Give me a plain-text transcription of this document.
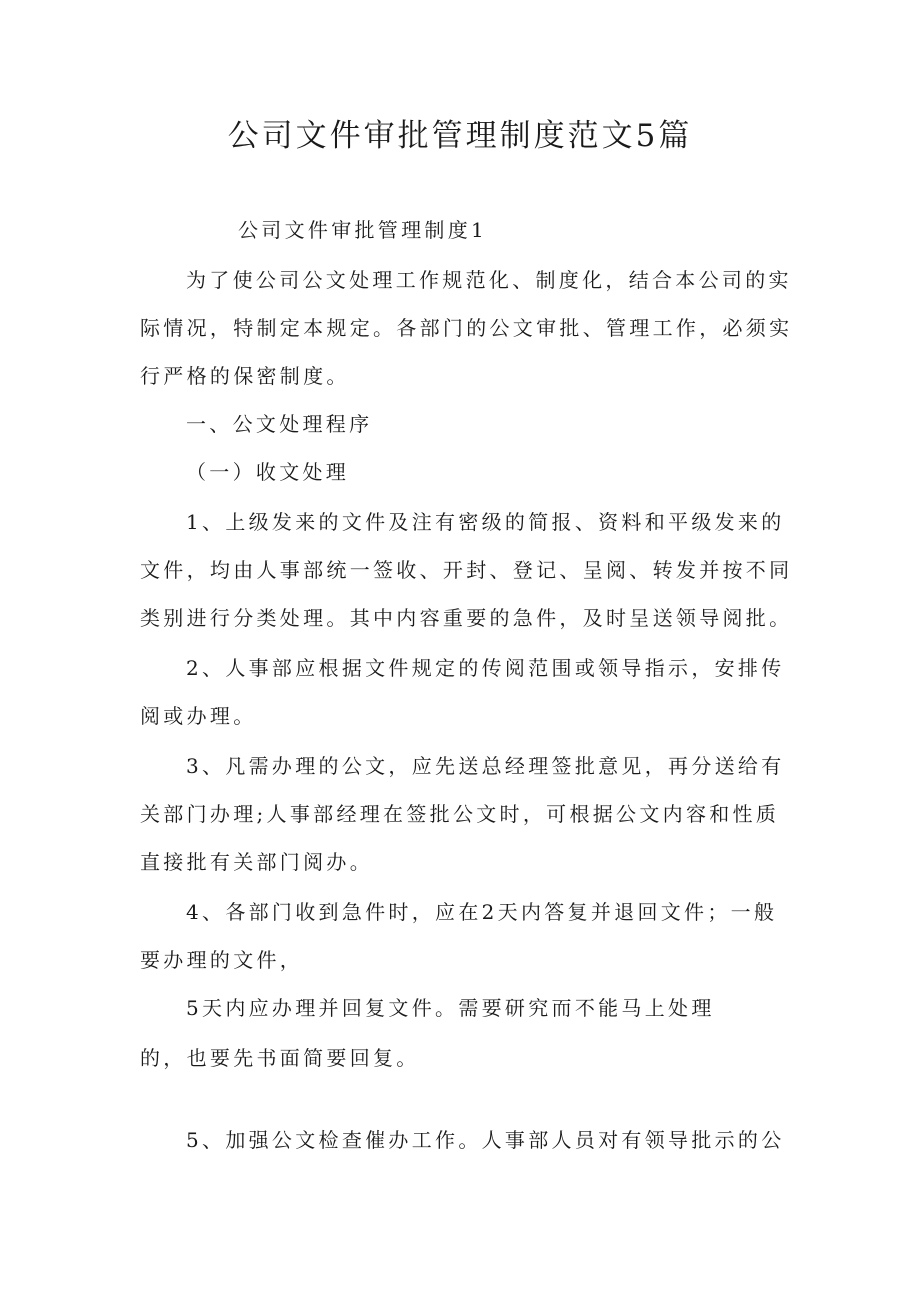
公司文件审批管理制度范文5篇

公司文件审批管理制度1

为了使公司公文处理工作规范化、制度化，结合本公司的实

际情况，特制定本规定。各部门的公文审批、管理工作，必须实

行严格的保密制度。

一、公文处理程序

（一）收文处理

1、上级发来的文件及注有密级的简报、资料和平级发来的

文件，均由人事部统一签收、开封、登记、呈阅、转发并按不同

类别进行分类处理。其中内容重要的急件，及时呈送领导阅批。

2、人事部应根据文件规定的传阅范围或领导指示，安排传

阅或办理。

3、凡需办理的公文，应先送总经理签批意见，再分送给有

关部门办理;人事部经理在签批公文时，可根据公文内容和性质

直接批有关部门阅办。

4、各部门收到急件时，应在2天内答复并退回文件；一般

要办理的文件，

5天内应办理并回复文件。需要研究而不能马上处理

的，也要先书面简要回复。

5、加强公文检查催办工作。人事部人员对有领导批示的公
